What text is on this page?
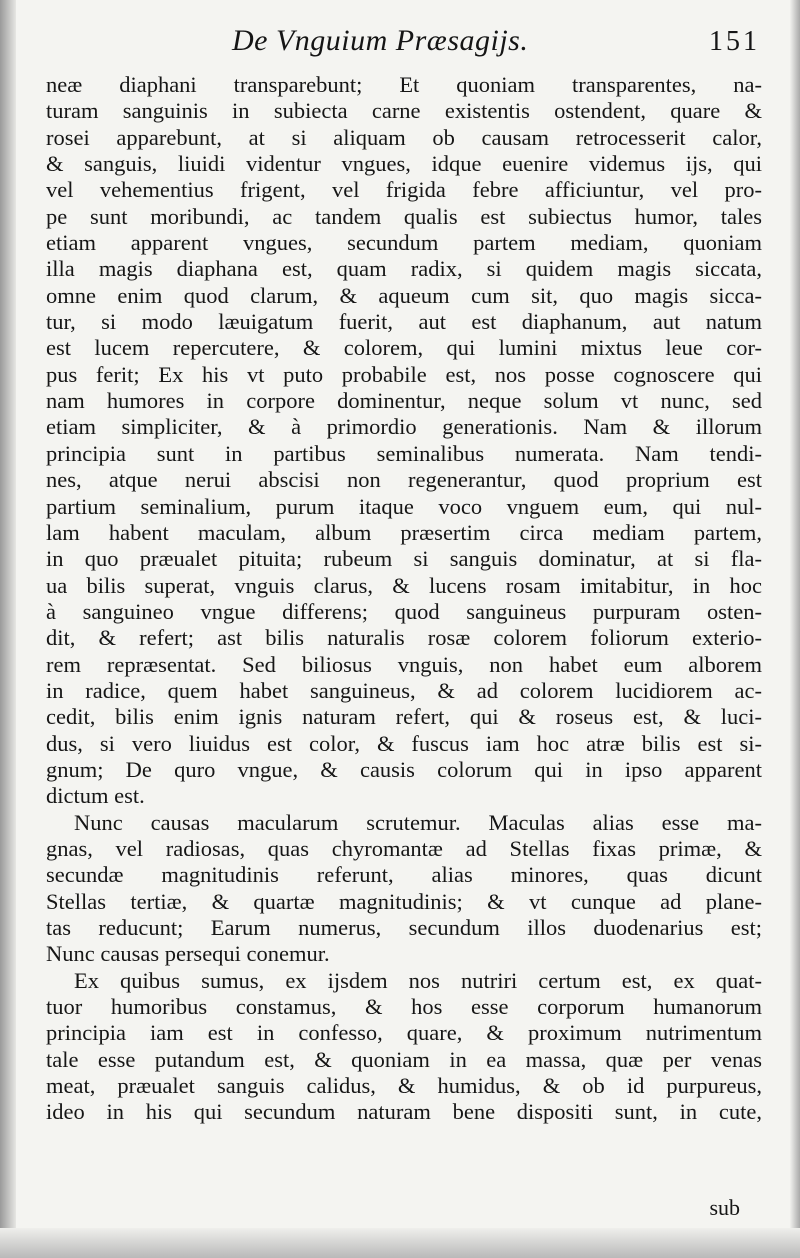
De Vnguium Præsagijs.	151
neæ diaphani transparebunt; Et quoniam transparentes, na-
turam sanguinis in subiecta carne existentis ostendent, quare &
rosei apparebunt, at si aliquam ob causam retrocesserit calor,
& sanguis, liuidi videntur vngues, idque euenire videmus ijs, qui
vel vehementius frigent, vel frigida febre afficiuntur, vel pro-
pe sunt moribundi, ac tandem qualis est subiectus humor, tales
etiam apparent vngues, secundum partem mediam, quoniam
illa magis diaphana est, quam radix, si quidem magis siccata,
omne enim quod clarum, & aqueum cum sit, quo magis sicca-
tur, si modo læuigatum fuerit, aut est diaphanum, aut natum
est lucem repercutere, & colorem, qui lumini mixtus leue cor-
pus ferit; Ex his vt puto probabile est, nos posse cognoscere qui
nam humores in corpore dominentur, neque solum vt nunc, sed
etiam simpliciter, & à primordio generationis. Nam & illorum
principia sunt in partibus seminalibus numerata. Nam tendi-
nes, atque nerui abscisi non regenerantur, quod proprium est
partium seminalium, purum itaque voco vnguem eum, qui nul-
lam habent maculam, album præsertim circa mediam partem,
in quo præualet pituita; rubeum si sanguis dominatur, at si fla-
ua bilis superat, vnguis clarus, & lucens rosam imitabitur, in hoc
à sanguineo vngue differens; quod sanguineus purpuram osten-
dit, & refert; ast bilis naturalis rosæ colorem foliorum exterio-
rem repræsentat. Sed biliosus vnguis, non habet eum alborem
in radice, quem habet sanguineus, & ad colorem lucidiorem ac-
cedit, bilis enim ignis naturam refert, qui & roseus est, & luci-
dus, si vero liuidus est color, & fuscus iam hoc atræ bilis est si-
gnum; De quro vngue, & causis colorum qui in ipso apparent
dictum est.
Nunc causas macularum scrutemur. Maculas alias esse ma-
gnas, vel radiosas, quas chyromantæ ad Stellas fixas primæ, &
secundæ magnitudinis referunt, alias minores, quas dicunt
Stellas tertiæ, & quartæ magnitudinis; & vt cunque ad plane-
tas reducunt; Earum numerus, secundum illos duodenarius est;
Nunc causas persequi conemur.
Ex quibus sumus, ex ijsdem nos nutriri certum est, ex quat-
tuor humoribus constamus, & hos esse corporum humanorum
principia iam est in confesso, quare, & proximum nutrimentum
tale esse putandum est, & quoniam in ea massa, quæ per venas
meat, præualet sanguis calidus, & humidus, & ob id purpureus,
ideo in his qui secundum naturam bene dispositi sunt, in cute,
sub
